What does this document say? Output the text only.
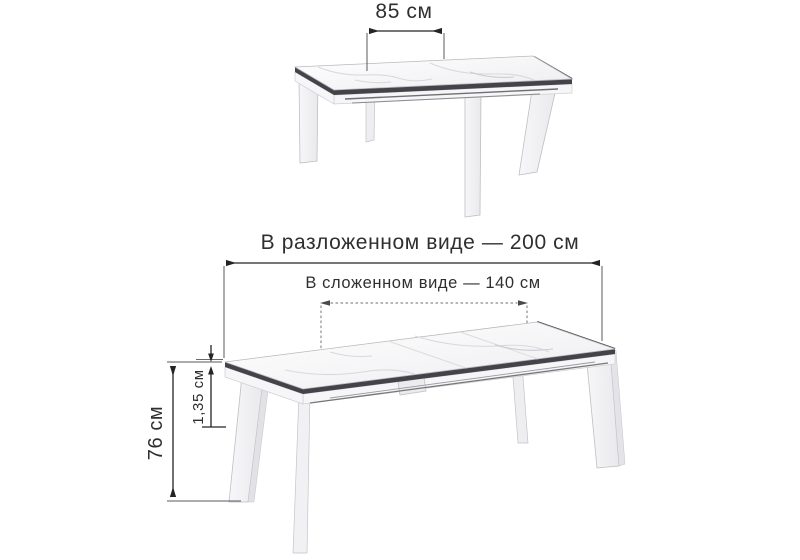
85 см
В разложенном виде — 200 см
В сложенном виде — 140 см
76 см
1,35 см
